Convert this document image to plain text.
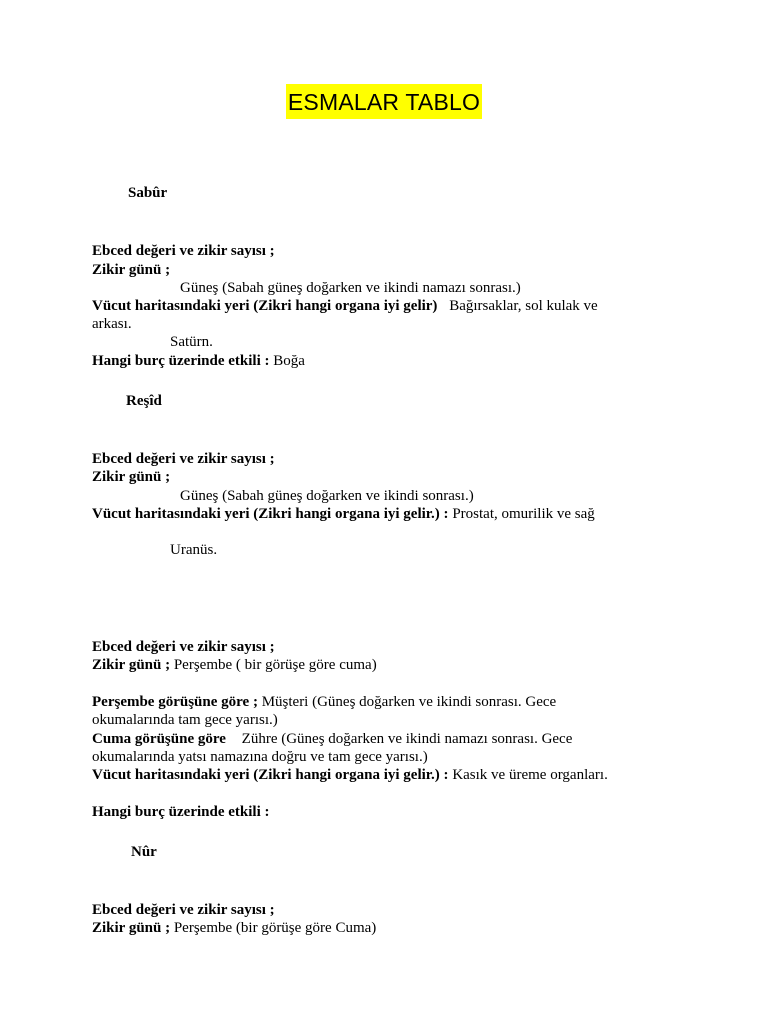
ESMALAR TABLO
Sabûr
Ebced değeri ve zikir sayısı ;
Zikir günü ;
Güneş (Sabah güneş doğarken ve ikindi namazı sonrası.)
Vücut haritasındaki yeri (Zikri hangi organa iyi gelir) Bağırsaklar, sol kulak ve
arkası.
Satürn.
Hangi burç üzerinde etkili : Boğa
Reşîd
Ebced değeri ve zikir sayısı ;
Zikir günü ;
Güneş (Sabah güneş doğarken ve ikindi sonrası.)
Vücut haritasındaki yeri (Zikri hangi organa iyi gelir.) : Prostat, omurilik ve sağ
Uranüs.
Ebced değeri ve zikir sayısı ;
Zikir günü ; Perşembe ( bir görüşe göre cuma)
Perşembe görüşüne göre ; Müşteri (Güneş doğarken ve ikindi sonrası. Gece
okumalarında tam gece yarısı.)
Cuma görüşüne göre Zühre (Güneş doğarken ve ikindi namazı sonrası. Gece
okumalarında yatsı namazına doğru ve tam gece yarısı.)
Vücut haritasındaki yeri (Zikri hangi organa iyi gelir.) : Kasık ve üreme organları.
Hangi burç üzerinde etkili :
Nûr
Ebced değeri ve zikir sayısı ;
Zikir günü ; Perşembe (bir görüşe göre Cuma)
